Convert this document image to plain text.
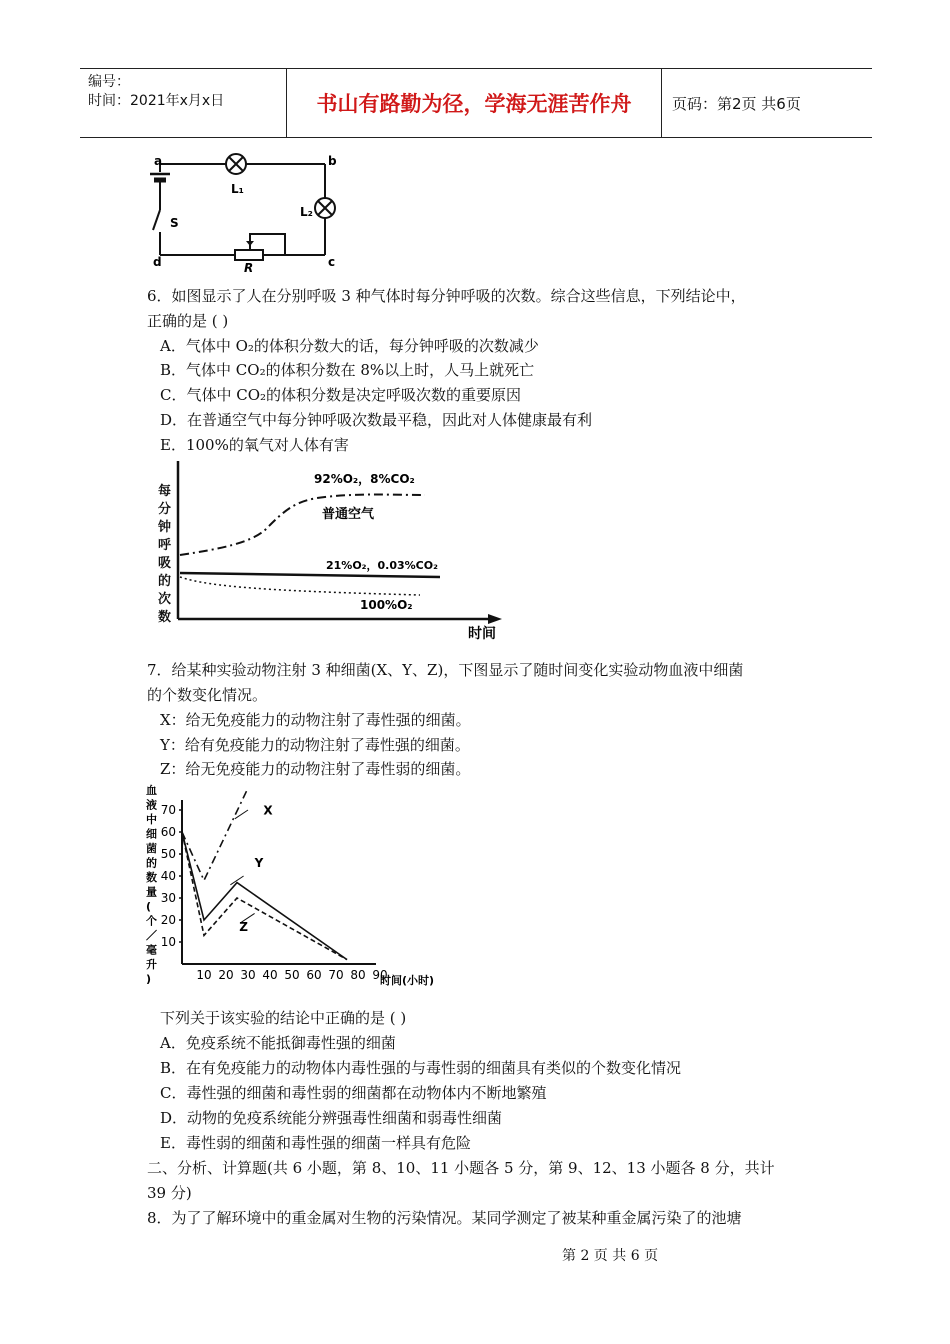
编号：
时间：2021年x月x日	书山有路勤为径，学海无涯苦作舟	页码：第2页 共6页
a	b
c
d
S
L₁
L₂
R
6．如图显示了人在分别呼吸 3 种气体时每分钟呼吸的次数。综合这些信息，下列结论中，
正确的是 ( )
A．气体中 O₂的体积分数大的话，每分钟呼吸的次数减少
B．气体中 CO₂的体积分数在 8%以上时，人马上就死亡
C．气体中 CO₂的体积分数是决定呼吸次数的重要原因
D．在普通空气中每分钟呼吸次数最平稳，因此对人体健康最有利
E．100%的氧气对人体有害
每
分
钟
呼
吸
的
次
数
92%O₂，8%CO₂
普通空气
21%O₂，0.03%CO₂
100%O₂
时间
7．给某种实验动物注射 3 种细菌(X、Y、Z)，下图显示了随时间变化实验动物血液中细菌
的个数变化情况。
X：给无免疫能力的动物注射了毒性强的细菌。
Y：给有免疫能力的动物注射了毒性强的细菌。
Z：给无免疫能力的动物注射了毒性弱的细菌。
10
20
30
40
50
60
70
10 20 30 40 50 60 70 80 90
X
Y
Z
血
液
中
细
菌
的
数
量
(
个
／
毫
升
)	时间(小时)
下列关于该实验的结论中正确的是 ( )
A．免疫系统不能抵御毒性强的细菌
B．在有免疫能力的动物体内毒性强的与毒性弱的细菌具有类似的个数变化情况
C．毒性强的细菌和毒性弱的细菌都在动物体内不断地繁殖
D．动物的免疫系统能分辨强毒性细菌和弱毒性细菌
E．毒性弱的细菌和毒性强的细菌一样具有危险
二、分析、计算题(共 6 小题，第 8、10、11 小题各 5 分，第 9、12、13 小题各 8 分，共计
39 分)
8．为了了解环境中的重金属对生物的污染情况。某同学测定了被某种重金属污染了的池塘
第 2 页 共 6 页
